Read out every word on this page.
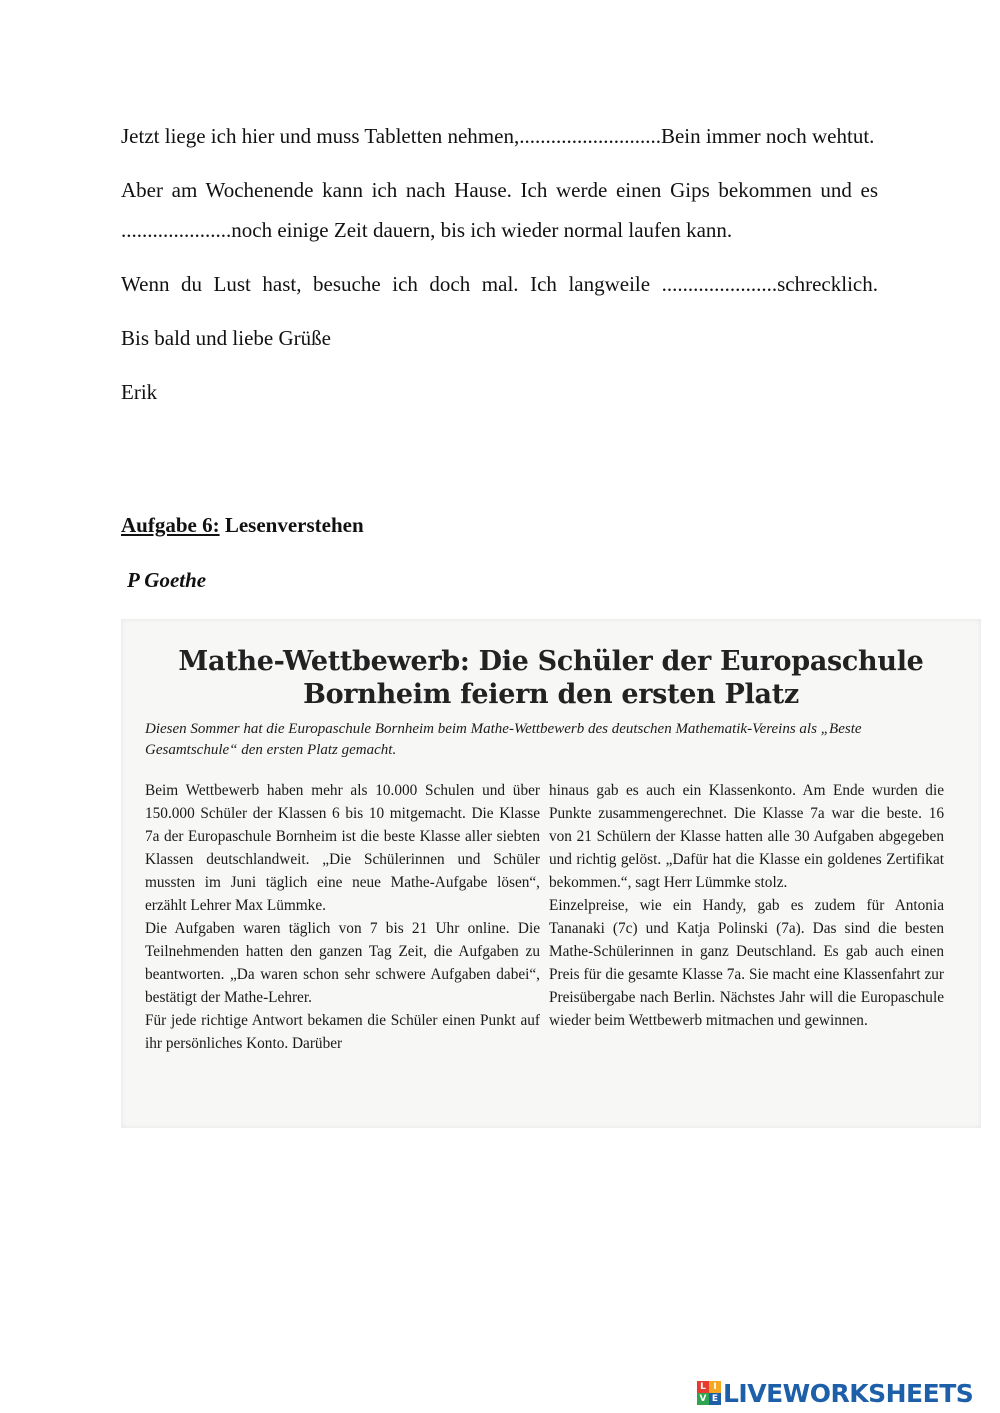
Jetzt liege ich hier und muss Tabletten nehmen,...........................Bein immer noch wehtut.

Aber am Wochenende kann ich nach Hause. Ich werde einen Gips bekommen und es .....................noch einige Zeit dauern, bis ich wieder normal laufen kann.

Wenn du Lust hast, besuche ich doch mal. Ich langweile ......................schrecklich.

Bis bald und liebe Grüße

Erik

Aufgabe 6: Lesenverstehen
P Goethe
Mathe-Wettbewerb: Die Schüler der Europaschule
Bornheim feiern den ersten Platz
Diesen Sommer hat die Europaschule Bornheim beim Mathe-Wettbewerb des deutschen Mathematik-Vereins als „Beste Gesamtschule“ den ersten Platz gemacht.

Beim Wettbewerb haben mehr als 10.000 Schulen und über 150.000 Schüler der Klassen 6 bis 10 mitgemacht. Die Klasse 7a der Europaschule Bornheim ist die beste Klasse aller siebten Klassen deutschlandweit. „Die Schülerinnen und Schüler mussten im Juni täglich eine neue Mathe-Aufgabe lösen“, erzählt Lehrer Max Lümmke.

Die Aufgaben waren täglich von 7 bis 21 Uhr online. Die Teilnehmenden hatten den ganzen Tag Zeit, die Aufgaben zu beantworten. „Da waren schon sehr schwere Aufgaben dabei“, bestätigt der Mathe-Lehrer.

Für jede richtige Antwort bekamen die Schüler einen Punkt auf ihr persönliches Konto. Darüber

hinaus gab es auch ein Klassenkonto. Am Ende wurden die Punkte zusammengerechnet. Die Klasse 7a war die beste. 16 von 21 Schülern der Klasse hatten alle 30 Aufgaben abgegeben und richtig gelöst. „Dafür hat die Klasse ein goldenes Zertifikat bekommen.“, sagt Herr Lümmke stolz.

Einzelpreise, wie ein Handy, gab es zudem für Antonia Tananaki (7c) und Katja Polinski (7a). Das sind die besten Mathe-Schülerinnen in ganz Deutschland. Es gab auch einen Preis für die gesamte Klasse 7a. Sie macht eine Klassenfahrt zur Preisübergabe nach Berlin. Nächstes Jahr will die Europaschule wieder beim Wettbewerb mitmachen und gewinnen.

L I
V E LIVEWORKSHEETS
